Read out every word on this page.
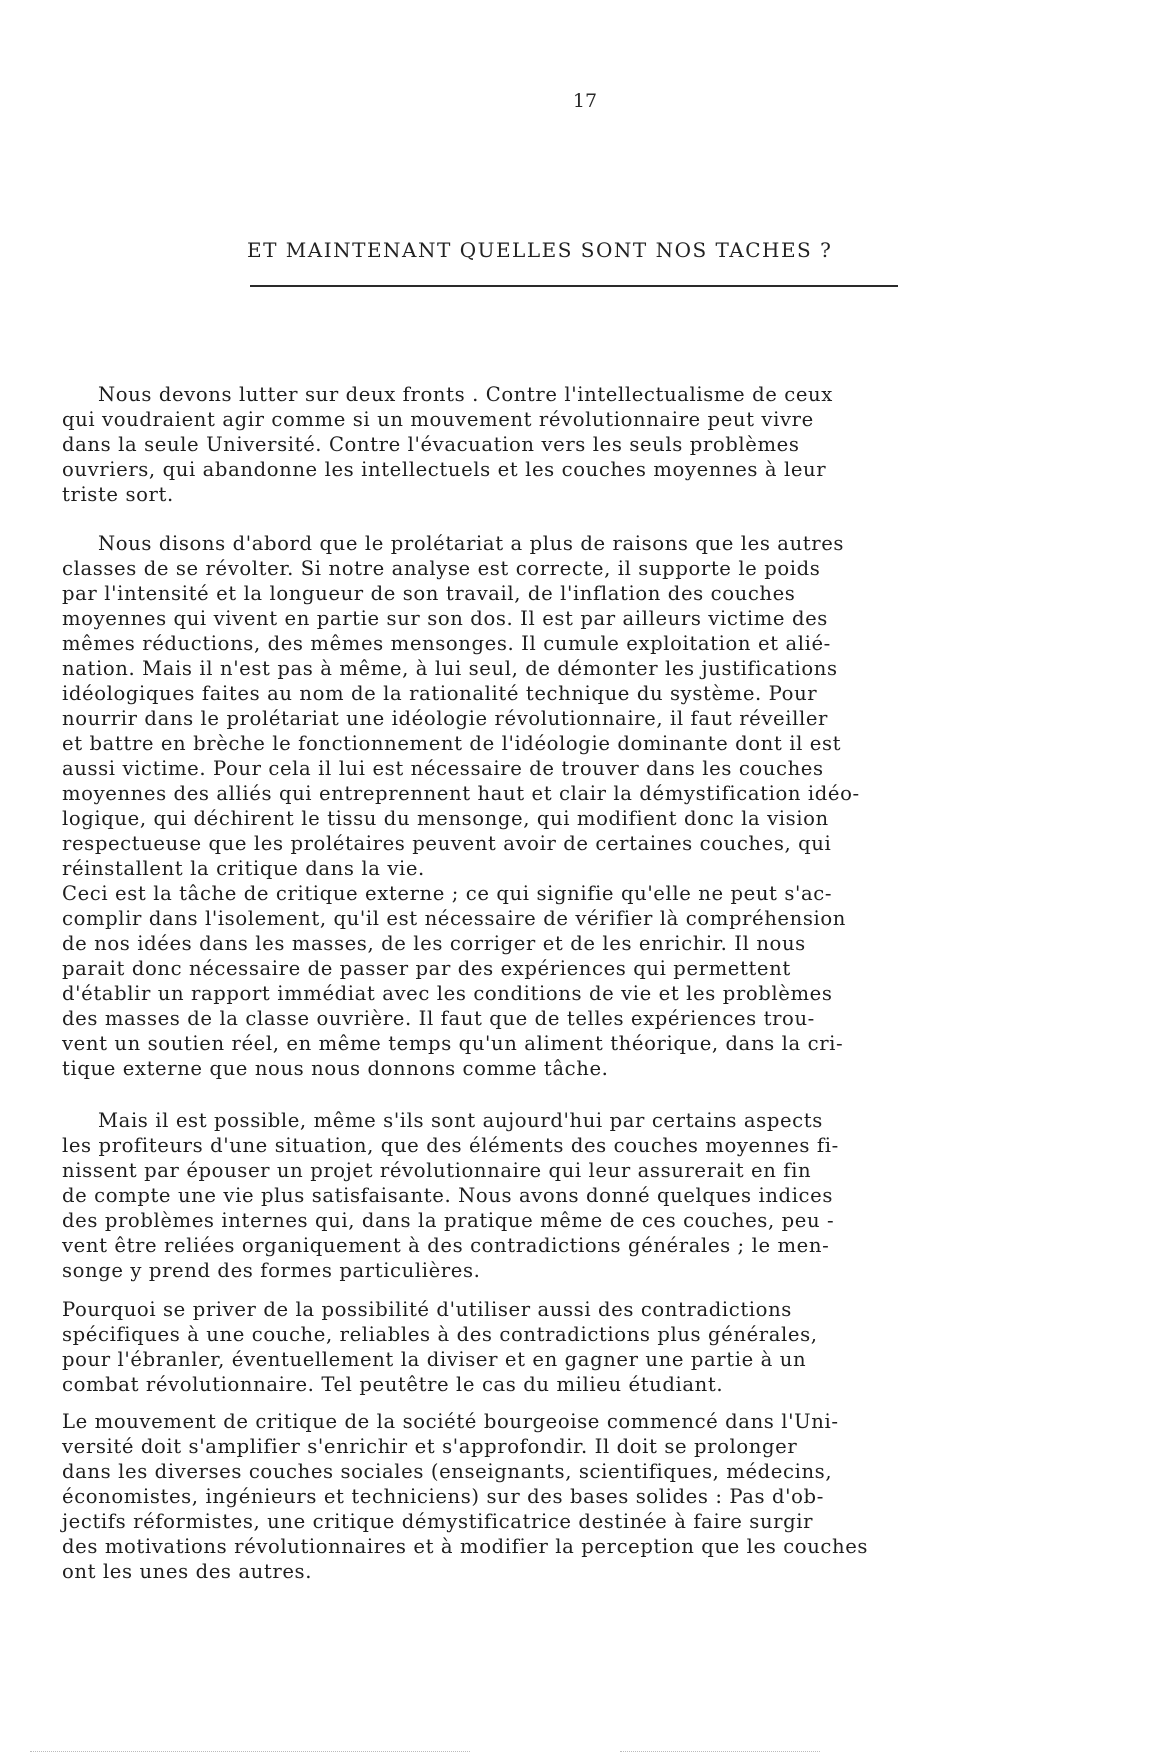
17
ET MAINTENANT QUELLES SONT NOS TACHES ?
Nous devons lutter sur deux fronts . Contre l'intellectualisme de ceux
qui voudraient agir comme si un mouvement révolutionnaire peut vivre
dans la seule Université. Contre l'évacuation vers les seuls problèmes
ouvriers, qui abandonne les intellectuels et les couches moyennes à leur
triste sort.
Nous disons d'abord que le prolétariat a plus de raisons que les autres
classes de se révolter. Si notre analyse est correcte, il supporte le poids
par l'intensité et la longueur de son travail, de l'inflation des couches
moyennes qui vivent en partie sur son dos. Il est par ailleurs victime des
mêmes réductions, des mêmes mensonges. Il cumule exploitation et alié-
nation. Mais il n'est pas à même, à lui seul, de démonter les justifications
idéologiques faites au nom de la rationalité technique du système. Pour
nourrir dans le prolétariat une idéologie révolutionnaire, il faut réveiller
et battre en brèche le fonctionnement de l'idéologie dominante dont il est
aussi victime. Pour cela il lui est nécessaire de trouver dans les couches
moyennes des alliés qui entreprennent haut et clair la démystification idéo-
logique, qui déchirent le tissu du mensonge, qui modifient donc la vision
respectueuse que les prolétaires peuvent avoir de certaines couches, qui
réinstallent la critique dans la vie.
Ceci est la tâche de critique externe ; ce qui signifie qu'elle ne peut s'ac-
complir dans l'isolement, qu'il est nécessaire de vérifier là compréhension
de nos idées dans les masses, de les corriger et de les enrichir. Il nous
parait donc nécessaire de passer par des expériences qui permettent
d'établir un rapport immédiat avec les conditions de vie et les problèmes
des masses de la classe ouvrière. Il faut que de telles expériences trou-
vent un soutien réel, en même temps qu'un aliment théorique, dans la cri-
tique externe que nous nous donnons comme tâche.
Mais il est possible, même s'ils sont aujourd'hui par certains aspects
les profiteurs d'une situation, que des éléments des couches moyennes fi-
nissent par épouser un projet révolutionnaire qui leur assurerait en fin
de compte une vie plus satisfaisante. Nous avons donné quelques indices
des problèmes internes qui, dans la pratique même de ces couches, peu -
vent être reliées organiquement à des contradictions générales ; le men-
songe y prend des formes particulières.
Pourquoi se priver de la possibilité d'utiliser aussi des contradictions
spécifiques à une couche, reliables à des contradictions plus générales,
pour l'ébranler, éventuellement la diviser et en gagner une partie à un
combat révolutionnaire. Tel peutêtre le cas du milieu étudiant.
Le mouvement de critique de la société bourgeoise commencé dans l'Uni-
versité doit s'amplifier s'enrichir et s'approfondir. Il doit se prolonger
dans les diverses couches sociales (enseignants, scientifiques, médecins,
économistes, ingénieurs et techniciens) sur des bases solides : Pas d'ob-
jectifs réformistes, une critique démystificatrice destinée à faire surgir
des motivations révolutionnaires et à modifier la perception que les couches
ont les unes des autres.
